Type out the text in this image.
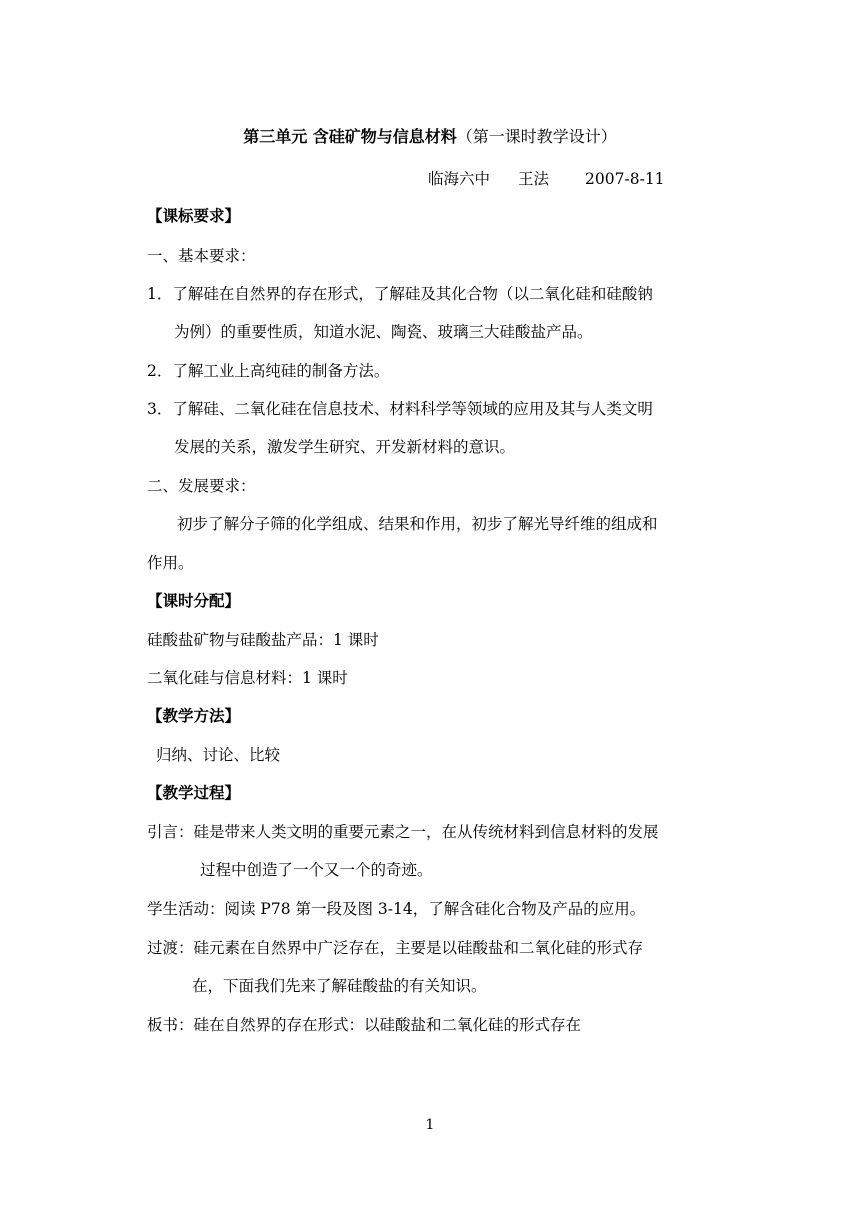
第三单元 含硅矿物与信息材料（第一课时教学设计）
临海六中 王法 2007-8-11
【课标要求】
一、基本要求：
1．了解硅在自然界的存在形式，了解硅及其化合物（以二氧化硅和硅酸钠
为例）的重要性质，知道水泥、陶瓷、玻璃三大硅酸盐产品。
2．了解工业上高纯硅的制备方法。
3．了解硅、二氧化硅在信息技术、材料科学等领域的应用及其与人类文明
发展的关系，激发学生研究、开发新材料的意识。
二、发展要求：
初步了解分子筛的化学组成、结果和作用，初步了解光导纤维的组成和
作用。
【课时分配】
硅酸盐矿物与硅酸盐产品：1 课时
二氧化硅与信息材料：1 课时
【教学方法】
归纳、讨论、比较
【教学过程】
引言：硅是带来人类文明的重要元素之一，在从传统材料到信息材料的发展
过程中创造了一个又一个的奇迹。
学生活动：阅读 P78 第一段及图 3-14，了解含硅化合物及产品的应用。
过渡：硅元素在自然界中广泛存在，主要是以硅酸盐和二氧化硅的形式存
在，下面我们先来了解硅酸盐的有关知识。
板书：硅在自然界的存在形式：以硅酸盐和二氧化硅的形式存在
1
